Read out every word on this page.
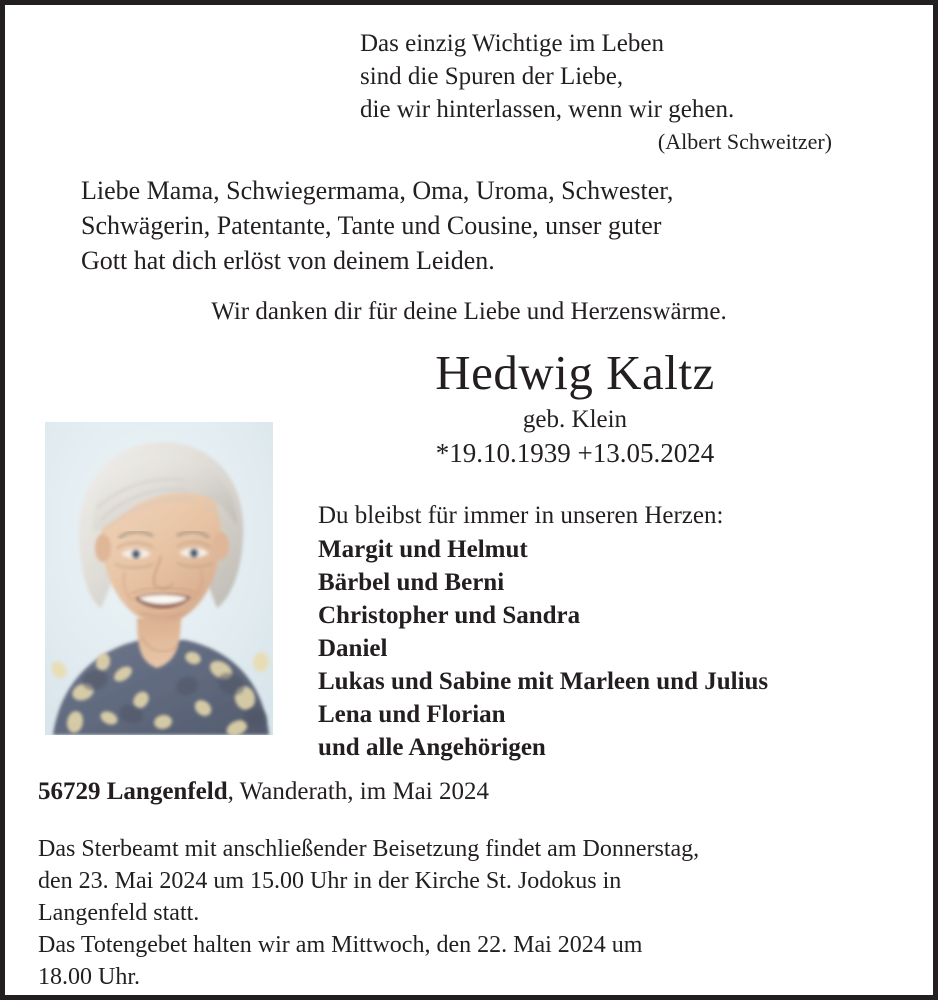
Das einzig Wichtige im Leben
sind die Spuren der Liebe,
die wir hinterlassen, wenn wir gehen.
(Albert Schweitzer)
Liebe Mama, Schwiegermama, Oma, Uroma, Schwester,
Schwägerin, Patentante, Tante und Cousine, unser guter
Gott hat dich erlöst von deinem Leiden.
Wir danken dir für deine Liebe und Herzenswärme.
Hedwig Kaltz
geb. Klein
*19.10.1939 +13.05.2024
Du bleibst für immer in unseren Herzen:
Margit und Helmut
Bärbel und Berni
Christopher und Sandra
Daniel
Lukas und Sabine mit Marleen und Julius
Lena und Florian
und alle Angehörigen
56729 Langenfeld, Wanderath, im Mai 2024
Das Sterbeamt mit anschließender Beisetzung findet am Donnerstag,
den 23. Mai 2024 um 15.00 Uhr in der Kirche St. Jodokus in
Langenfeld statt.
Das Totengebet halten wir am Mittwoch, den 22. Mai 2024 um
18.00 Uhr.
